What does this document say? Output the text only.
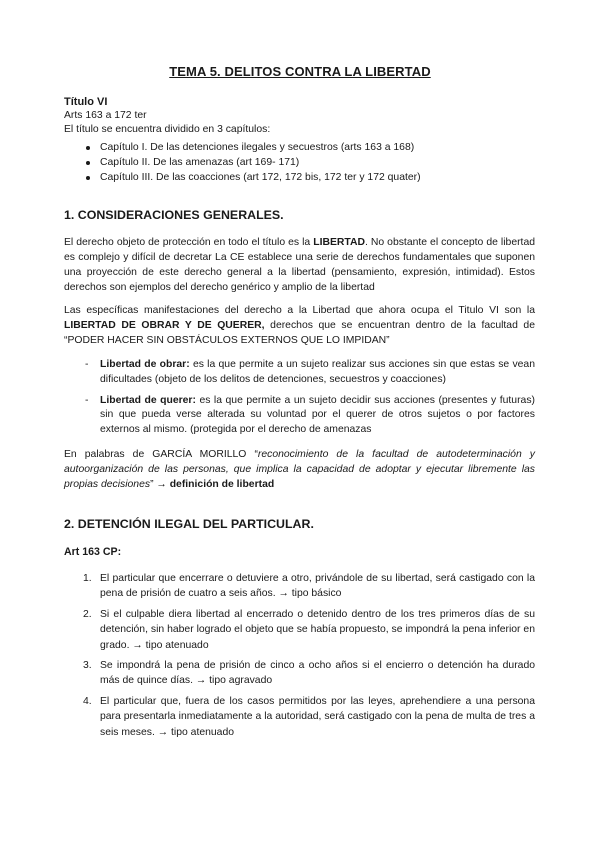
TEMA 5. DELITOS CONTRA LA LIBERTAD
Título VI
Arts 163 a 172 ter
El título se encuentra dividido en 3 capítulos:
Capítulo I. De las detenciones ilegales y secuestros (arts 163 a 168)
Capítulo II. De las amenazas (art 169- 171)
Capítulo III. De las coacciones (art 172, 172 bis, 172 ter y 172 quater)
1. CONSIDERACIONES GENERALES.
El derecho objeto de protección en todo el título es la LIBERTAD. No obstante el concepto de libertad es complejo y difícil de decretar La CE establece una serie de derechos fundamentales que suponen una proyección de este derecho general a la libertad (pensamiento, expresión, intimidad). Estos derechos son ejemplos del derecho genérico y amplio de la libertad
Las específicas manifestaciones del derecho a la Libertad que ahora ocupa el Titulo VI son la LIBERTAD DE OBRAR Y DE QUERER, derechos que se encuentran dentro de la facultad de “PODER HACER SIN OBSTÁCULOS EXTERNOS QUE LO IMPIDAN”
- Libertad de obrar: es la que permite a un sujeto realizar sus acciones sin que estas se vean dificultades (objeto de los delitos de detenciones, secuestros y coacciones)
- Libertad de querer: es la que permite a un sujeto decidir sus acciones (presentes y futuras) sin que pueda verse alterada su voluntad por el querer de otros sujetos o por factores externos al mismo. (protegida por el derecho de amenazas
En palabras de GARCÍA MORILLO “reconocimiento de la facultad de autodeterminación y autoorganización de las personas, que implica la capacidad de adoptar y ejecutar libremente las propias decisiones” → definición de libertad
2. DETENCIÓN ILEGAL DEL PARTICULAR.
Art 163 CP:
1. El particular que encerrare o detuviere a otro, privándole de su libertad, será castigado con la pena de prisión de cuatro a seis años. → tipo básico
2. Si el culpable diera libertad al encerrado o detenido dentro de los tres primeros días de su detención, sin haber logrado el objeto que se había propuesto, se impondrá la pena inferior en grado. → tipo atenuado
3. Se impondrá la pena de prisión de cinco a ocho años si el encierro o detención ha durado más de quince días. → tipo agravado
4. El particular que, fuera de los casos permitidos por las leyes, aprehendiere a una persona para presentarla inmediatamente a la autoridad, será castigado con la pena de multa de tres a seis meses. → tipo atenuado
